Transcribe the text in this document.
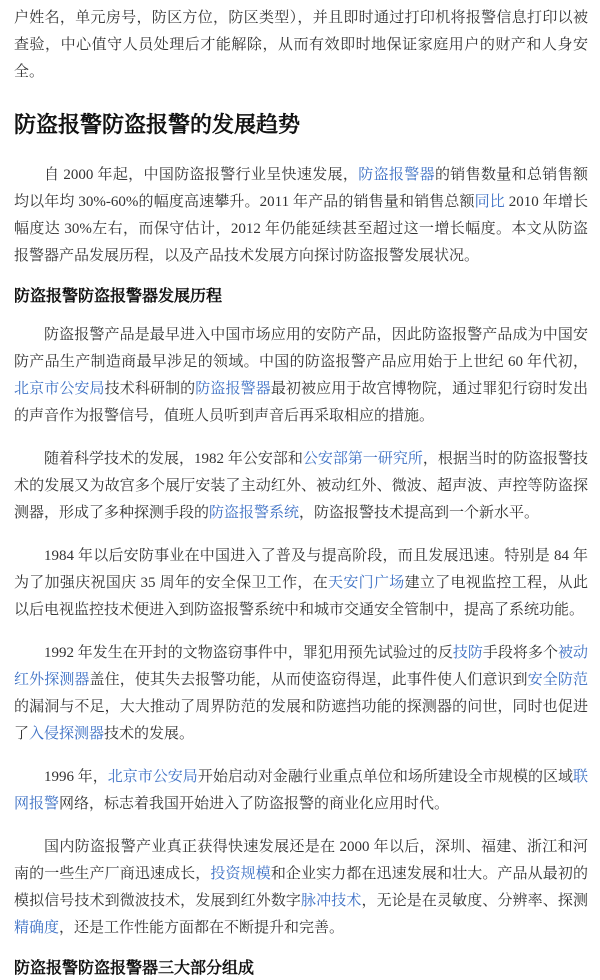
户姓名，单元房号，防区方位，防区类型），并且即时通过打印机将报警信息打印以被查验，中心值守人员处理后才能解除，从而有效即时地保证家庭用户的财产和人身安全。

防盗报警防盗报警的发展趋势

自 2000 年起，中国防盗报警行业呈快速发展，防盗报警器的销售数量和总销售额均以年均 30%-60%的幅度高速攀升。2011 年产品的销售量和销售总额同比 2010 年增长幅度达 30%左右，而保守估计，2012 年仍能延续甚至超过这一增长幅度。本文从防盗报警器产品发展历程，以及产品技术发展方向探讨防盗报警发展状况。

防盗报警防盗报警器发展历程

防盗报警产品是最早进入中国市场应用的安防产品，因此防盗报警产品成为中国安防产品生产制造商最早涉足的领域。中国的防盗报警产品应用始于上世纪 60 年代初，北京市公安局技术科研制的防盗报警器最初被应用于故宫博物院，通过罪犯行窃时发出的声音作为报警信号，值班人员听到声音后再采取相应的措施。

随着科学技术的发展，1982 年公安部和公安部第一研究所，根据当时的防盗报警技术的发展又为故宫多个展厅安装了主动红外、被动红外、微波、超声波、声控等防盗探测器，形成了多种探测手段的防盗报警系统，防盗报警技术提高到一个新水平。

1984 年以后安防事业在中国进入了普及与提高阶段，而且发展迅速。特别是 84 年为了加强庆祝国庆 35 周年的安全保卫工作，在天安门广场建立了电视监控工程，从此以后电视监控技术便进入到防盗报警系统中和城市交通安全管制中，提高了系统功能。

1992 年发生在开封的文物盗窃事件中，罪犯用预先试验过的反技防手段将多个被动红外探测器盖住，使其失去报警功能，从而使盗窃得逞，此事件使人们意识到安全防范的漏洞与不足，大大推动了周界防范的发展和防遮挡功能的探测器的问世，同时也促进了入侵探测器技术的发展。

1996 年，北京市公安局开始启动对金融行业重点单位和场所建设全市规模的区域联网报警网络，标志着我国开始进入了防盗报警的商业化应用时代。

国内防盗报警产业真正获得快速发展还是在 2000 年以后，深圳、福建、浙江和河南的一些生产厂商迅速成长，投资规模和企业实力都在迅速发展和壮大。产品从最初的模拟信号技术到微波技术，发展到红外数字脉冲技术，无论是在灵敏度、分辨率、探测精确度，还是工作性能方面都在不断提升和完善。

防盗报警防盗报警器三大部分组成
